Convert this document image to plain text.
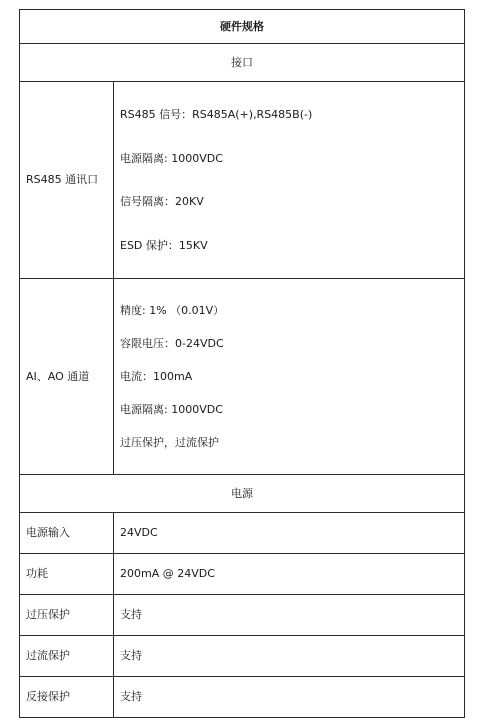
硬件规格	
接口	
RS485 通讯口	RS485 信号：RS485A(+),RS485B(-)
电源隔离: 1000VDC
信号隔离：20KV
ESD 保护：15KV

AI、AO 通道	精度: 1% （0.01V）
容限电压：0-24VDC
电流：100mA
电源隔离: 1000VDC
过压保护，过流保护

电源	
电源输入	24VDC
功耗	200mA @ 24VDC
过压保护	支持
过流保护	支持
反接保护	支持
